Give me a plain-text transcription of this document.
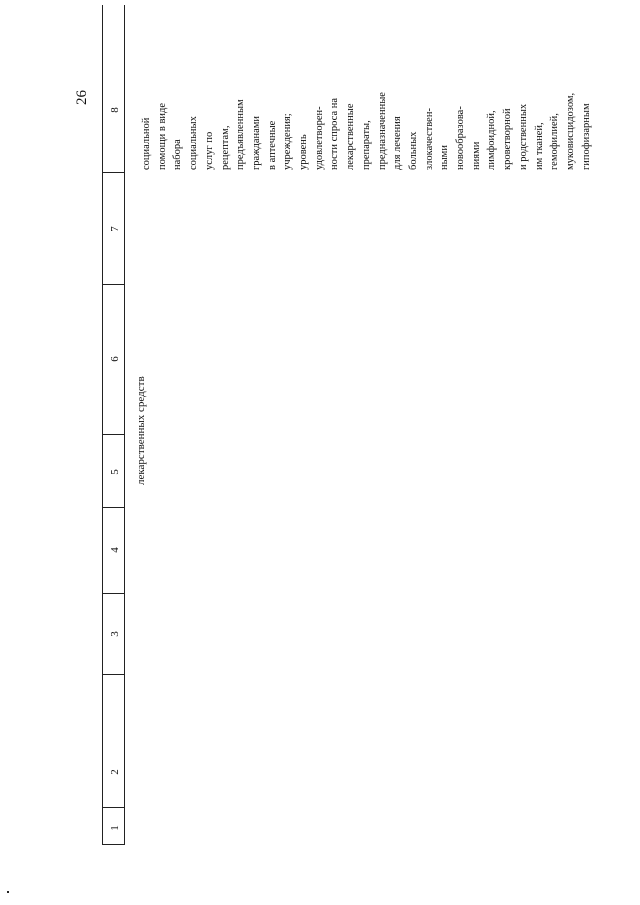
26
1
2
3
4
5
6
7
8
лекарственных средств
социальной помощи в виде набора социальных услуг по рецептам, предъявленным гражданами в аптечные учреждения; уровень удовлетворен- ности спроса на лекарственные препараты, предназначенные для лечения больных злокачествен- ными новообразова- ниями лимфоидной, кроветворной и родственных им тканей, гемофилией, муковисцидозом, гипофизарным
